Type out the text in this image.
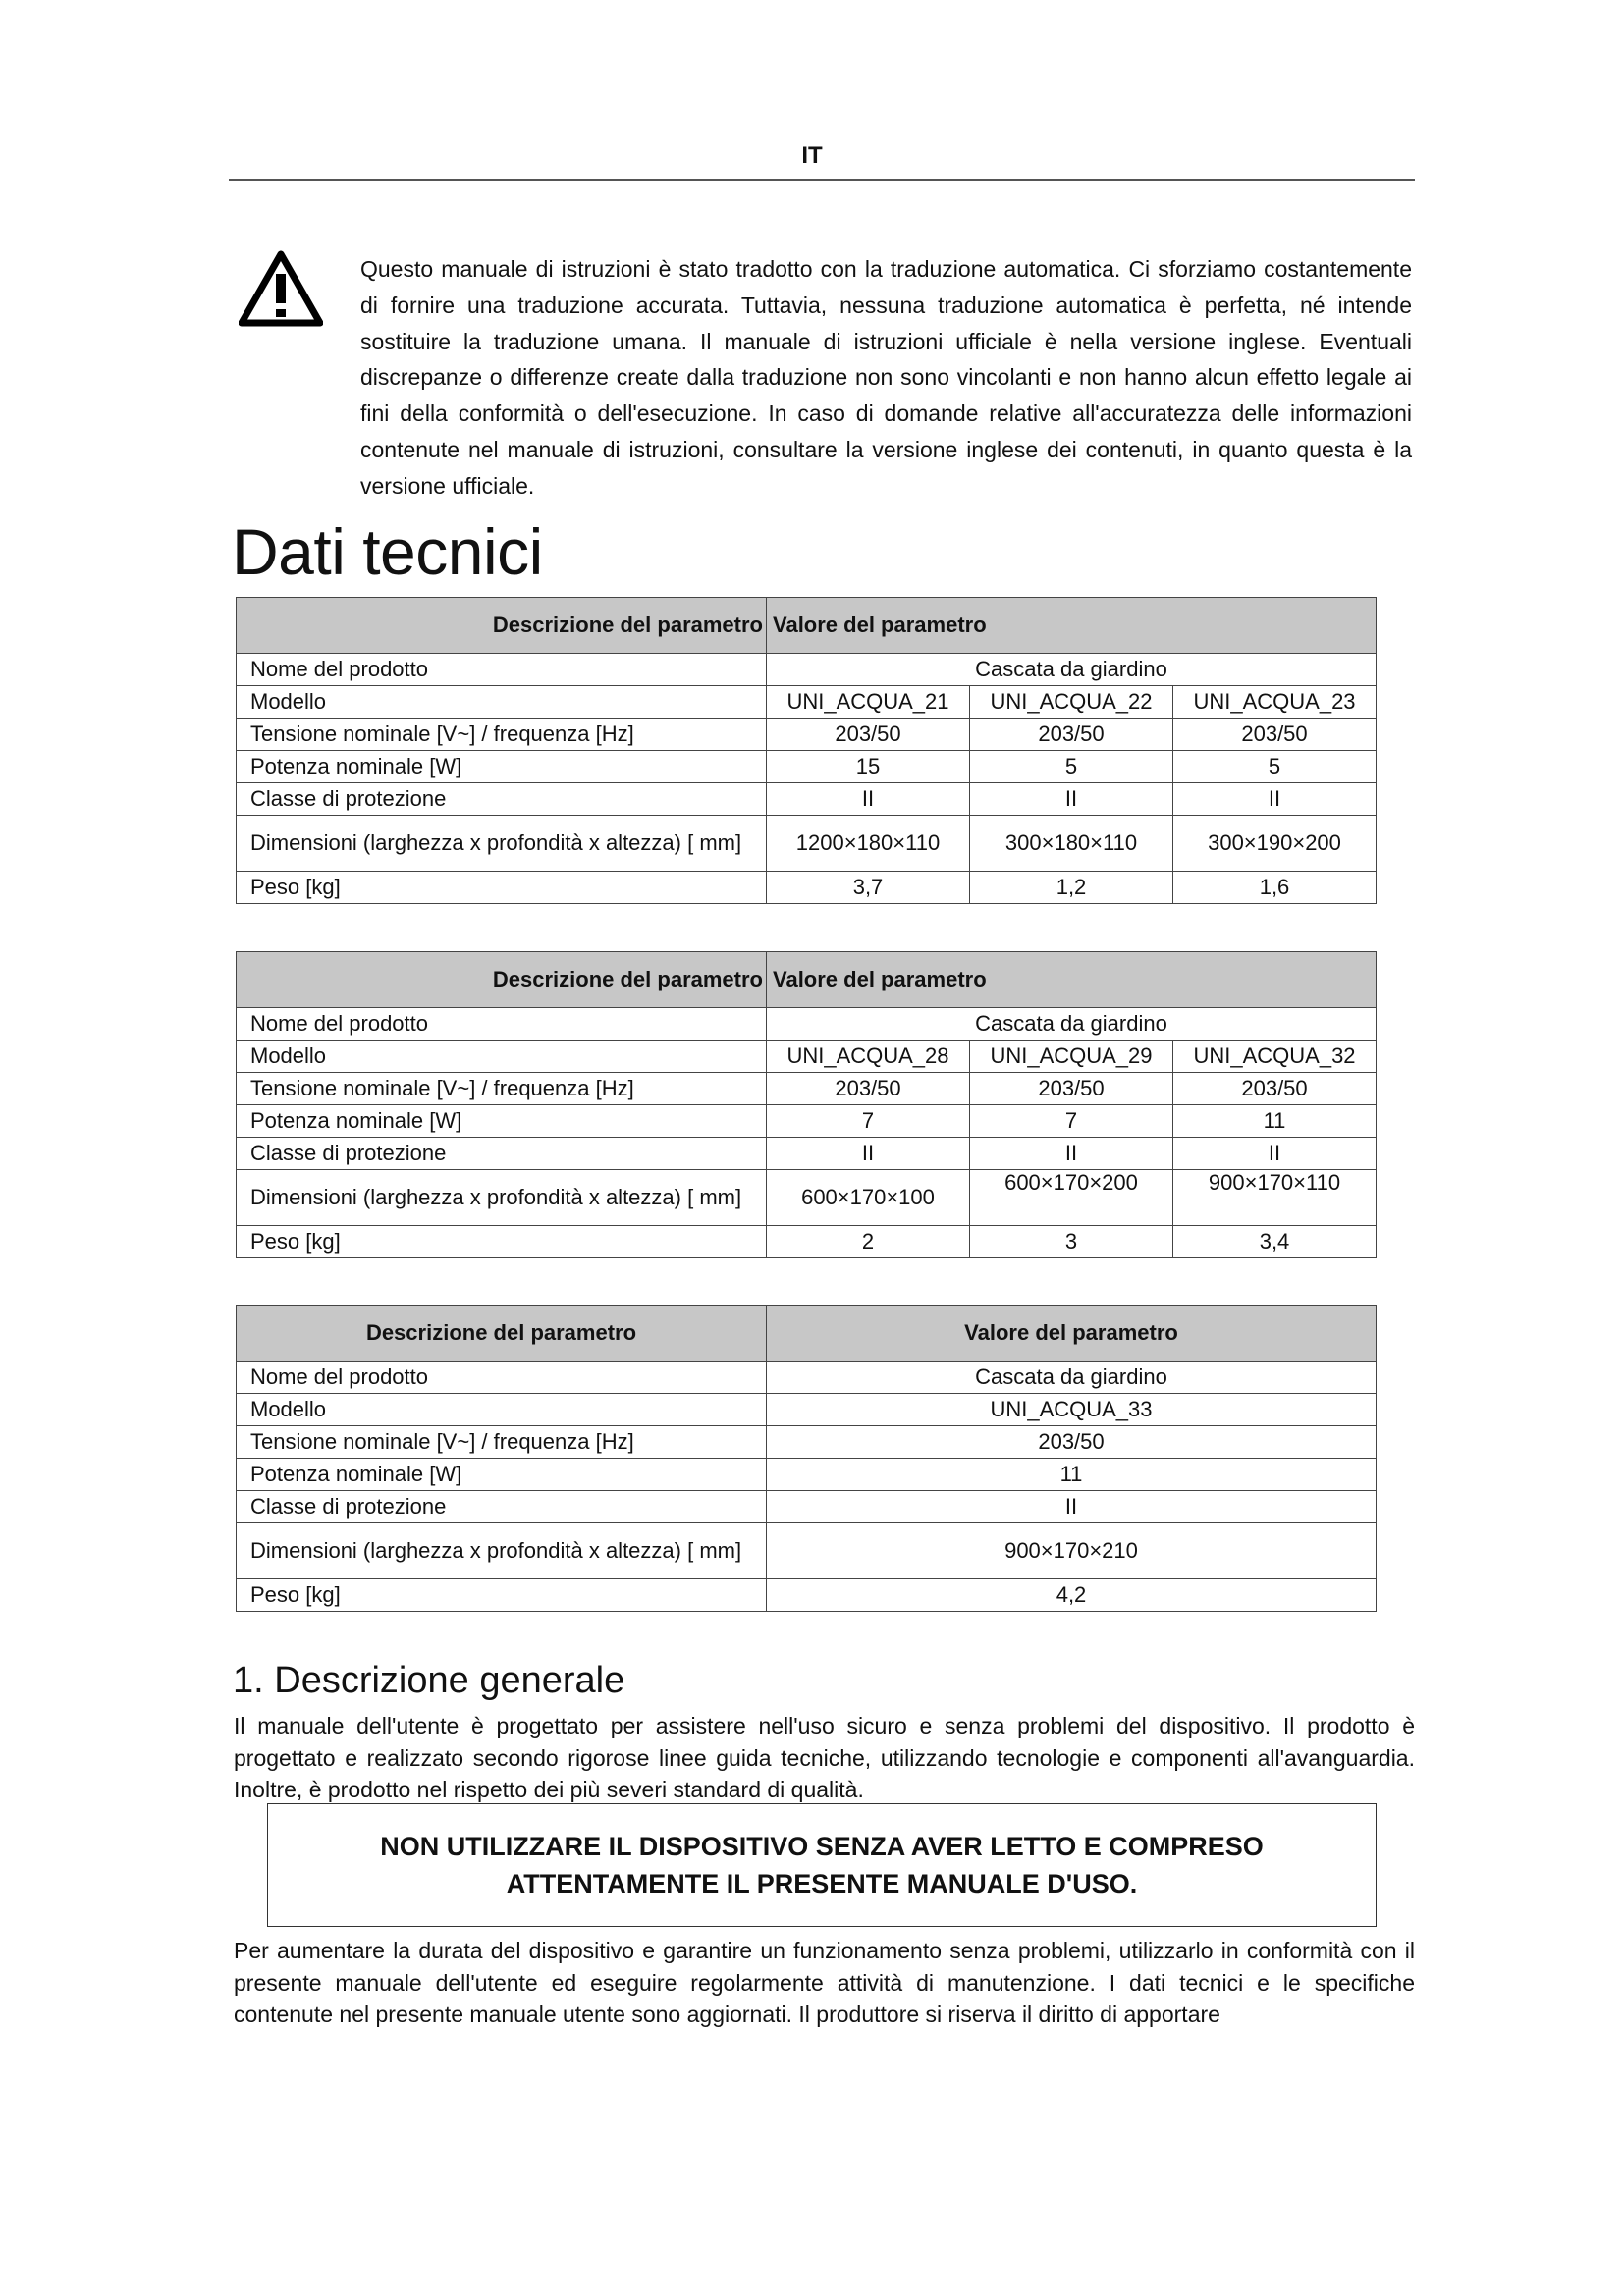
IT
Questo manuale di istruzioni è stato tradotto con la traduzione automatica. Ci sforziamo costantemente di fornire una traduzione accurata. Tuttavia, nessuna traduzione automatica è perfetta, né intende sostituire la traduzione umana. Il manuale di istruzioni ufficiale è nella versione inglese. Eventuali discrepanze o differenze create dalla traduzione non sono vincolanti e non hanno alcun effetto legale ai fini della conformità o dell'esecuzione. In caso di domande relative all'accuratezza delle informazioni contenute nel manuale di istruzioni, consultare la versione inglese dei contenuti, in quanto questa è la versione ufficiale.
Dati tecnici
Descrizione del parametro	Valore del parametro		
Nome del prodotto	Cascata da giardino		
Modello	UNI_ACQUA_21	UNI_ACQUA_22	UNI_ACQUA_23
Tensione nominale [V~] / frequenza [Hz]	203/50	203/50	203/50
Potenza nominale [W]	15	5	5
Classe di protezione	II	II	II
Dimensioni (larghezza x profondità x altezza) [ mm]	1200×180×110	300×180×110	300×190×200
Peso [kg]	3,7	1,2	1,6
Descrizione del parametro	Valore del parametro		
Nome del prodotto	Cascata da giardino		
Modello	UNI_ACQUA_28	UNI_ACQUA_29	UNI_ACQUA_32
Tensione nominale [V~] / frequenza [Hz]	203/50	203/50	203/50
Potenza nominale [W]	7	7	11
Classe di protezione	II	II	II
Dimensioni (larghezza x profondità x altezza) [ mm]	600×170×100	600×170×200	900×170×110
Peso [kg]	2	3	3,4
Descrizione del parametro	Valore del parametro
Nome del prodotto	Cascata da giardino
Modello	UNI_ACQUA_33
Tensione nominale [V~] / frequenza [Hz]	203/50
Potenza nominale [W]	11
Classe di protezione	II
Dimensioni (larghezza x profondità x altezza) [ mm]	900×170×210
Peso [kg]	4,2
1. Descrizione generale

Il manuale dell'utente è progettato per assistere nell'uso sicuro e senza problemi del dispositivo. Il prodotto è progettato e realizzato secondo rigorose linee guida tecniche, utilizzando tecnologie e componenti all'avanguardia. Inoltre, è prodotto nel rispetto dei più severi standard di qualità.

NON UTILIZZARE IL DISPOSITIVO SENZA AVER LETTO E COMPRESO ATTENTAMENTE IL PRESENTE MANUALE D'USO.

Per aumentare la durata del dispositivo e garantire un funzionamento senza problemi, utilizzarlo in conformità con il presente manuale dell'utente ed eseguire regolarmente attività di manutenzione. I dati tecnici e le specifiche contenute nel presente manuale utente sono aggiornati. Il produttore si riserva il diritto di apportare
